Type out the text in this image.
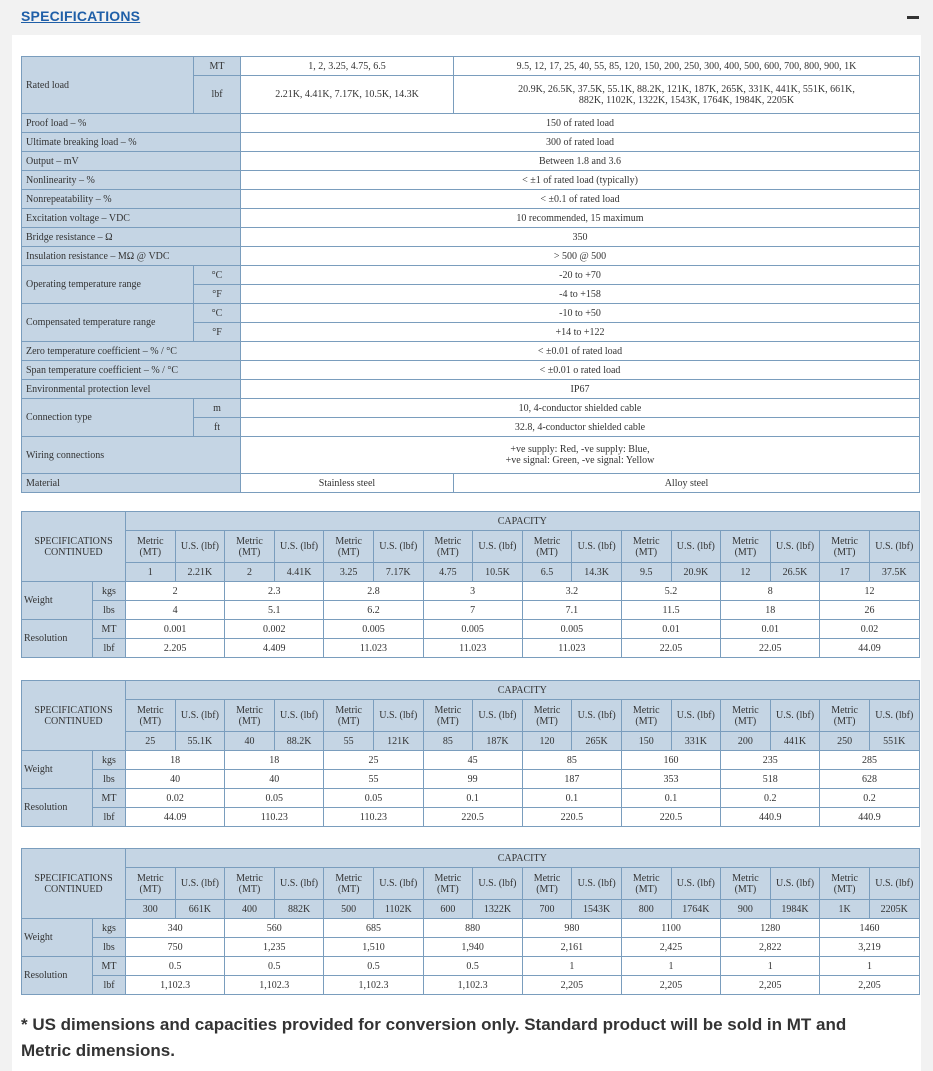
SPECIFICATIONS
Rated load	MT	1, 2, 3.25, 4.75, 6.5	9.5, 12, 17, 25, 40, 55, 85, 120, 150, 200, 250, 300, 400, 500, 600, 700, 800, 900, 1K
	lbf	2.21K, 4.41K, 7.17K, 10.5K, 14.3K	20.9K, 26.5K, 37.5K, 55.1K, 88.2K, 121K, 187K, 265K, 331K, 441K, 551K, 661K, 882K, 1102K, 1322K, 1543K, 1764K, 1984K, 2205K
Proof load – %		150 of rated load	
Ultimate breaking load – %		300 of rated load	
Output – mV		Between 1.8 and 3.6	
Nonlinearity – %		< ±1 of rated load (typically)	
Nonrepeatability – %		< ±0.1 of rated load	
Excitation voltage – VDC		10 recommended, 15 maximum	
Bridge resistance – Ω		350	
Insulation resistance – MΩ @ VDC		> 500 @ 500	
Operating temperature range	°C	-20 to +70	
	°F	-4 to +158	
Compensated temperature range	°C	-10 to +50	
	°F	+14 to +122	
Zero temperature coefficient – % / °C		< ±0.01 of rated load	
Span temperature coefficient – % / °C		< ±0.01 o rated load	
Environmental protection level		IP67	
Connection type	m	10, 4-conductor shielded cable	
	ft	32.8, 4-conductor shielded cable	
Wiring connections		+ve supply: Red, -ve supply: Blue,
+ve signal: Green, -ve signal: Yellow	

Material		Stainless steel	Alloy steel
SPECIFICATIONS CONTINUED		CAPACITY															
		Metric (MT)	U.S. (lbf)	Metric (MT)	U.S. (lbf)	Metric (MT)	U.S. (lbf)	Metric (MT)	U.S. (lbf)	Metric (MT)	U.S. (lbf)	Metric (MT)	U.S. (lbf)	Metric (MT)	U.S. (lbf)	Metric (MT)	U.S. (lbf)
		1	2.21K	2	4.41K	3.25	7.17K	4.75	10.5K	6.5	14.3K	9.5	20.9K	12	26.5K	17	37.5K
Weight	kgs	2		2.3		2.8		3		3.2		5.2		8		12	
	lbs	4		5.1		6.2		7		7.1		11.5		18		26	
Resolution	MT	0.001		0.002		0.005		0.005		0.005		0.01		0.01		0.02	
	lbf	2.205		4.409		11.023		11.023		11.023		22.05		22.05		44.09	
SPECIFICATIONS CONTINUED		CAPACITY															
		Metric (MT)	U.S. (lbf)	Metric (MT)	U.S. (lbf)	Metric (MT)	U.S. (lbf)	Metric (MT)	U.S. (lbf)	Metric (MT)	U.S. (lbf)	Metric (MT)	U.S. (lbf)	Metric (MT)	U.S. (lbf)	Metric (MT)	U.S. (lbf)
		25	55.1K	40	88.2K	55	121K	85	187K	120	265K	150	331K	200	441K	250	551K
Weight	kgs	18		18		25		45		85		160		235		285	
	lbs	40		40		55		99		187		353		518		628	
Resolution	MT	0.02		0.05		0.05		0.1		0.1		0.1		0.2		0.2	
	lbf	44.09		110.23		110.23		220.5		220.5		220.5		440.9		440.9	
SPECIFICATIONS CONTINUED		CAPACITY															
		Metric (MT)	U.S. (lbf)	Metric (MT)	U.S. (lbf)	Metric (MT)	U.S. (lbf)	Metric (MT)	U.S. (lbf)	Metric (MT)	U.S. (lbf)	Metric (MT)	U.S. (lbf)	Metric (MT)	U.S. (lbf)	Metric (MT)	U.S. (lbf)
		300	661K	400	882K	500	1102K	600	1322K	700	1543K	800	1764K	900	1984K	1K	2205K
Weight	kgs	340		560		685		880		980		1100		1280		1460	
	lbs	750		1,235		1,510		1,940		2,161		2,425		2,822		3,219	
Resolution	MT	0.5		0.5		0.5		0.5		1		1		1		1	
	lbf	1,102.3		1,102.3		1,102.3		1,102.3		2,205		2,205		2,205		2,205	
* US dimensions and capacities provided for conversion only. Standard product will be sold in MT and Metric dimensions.
